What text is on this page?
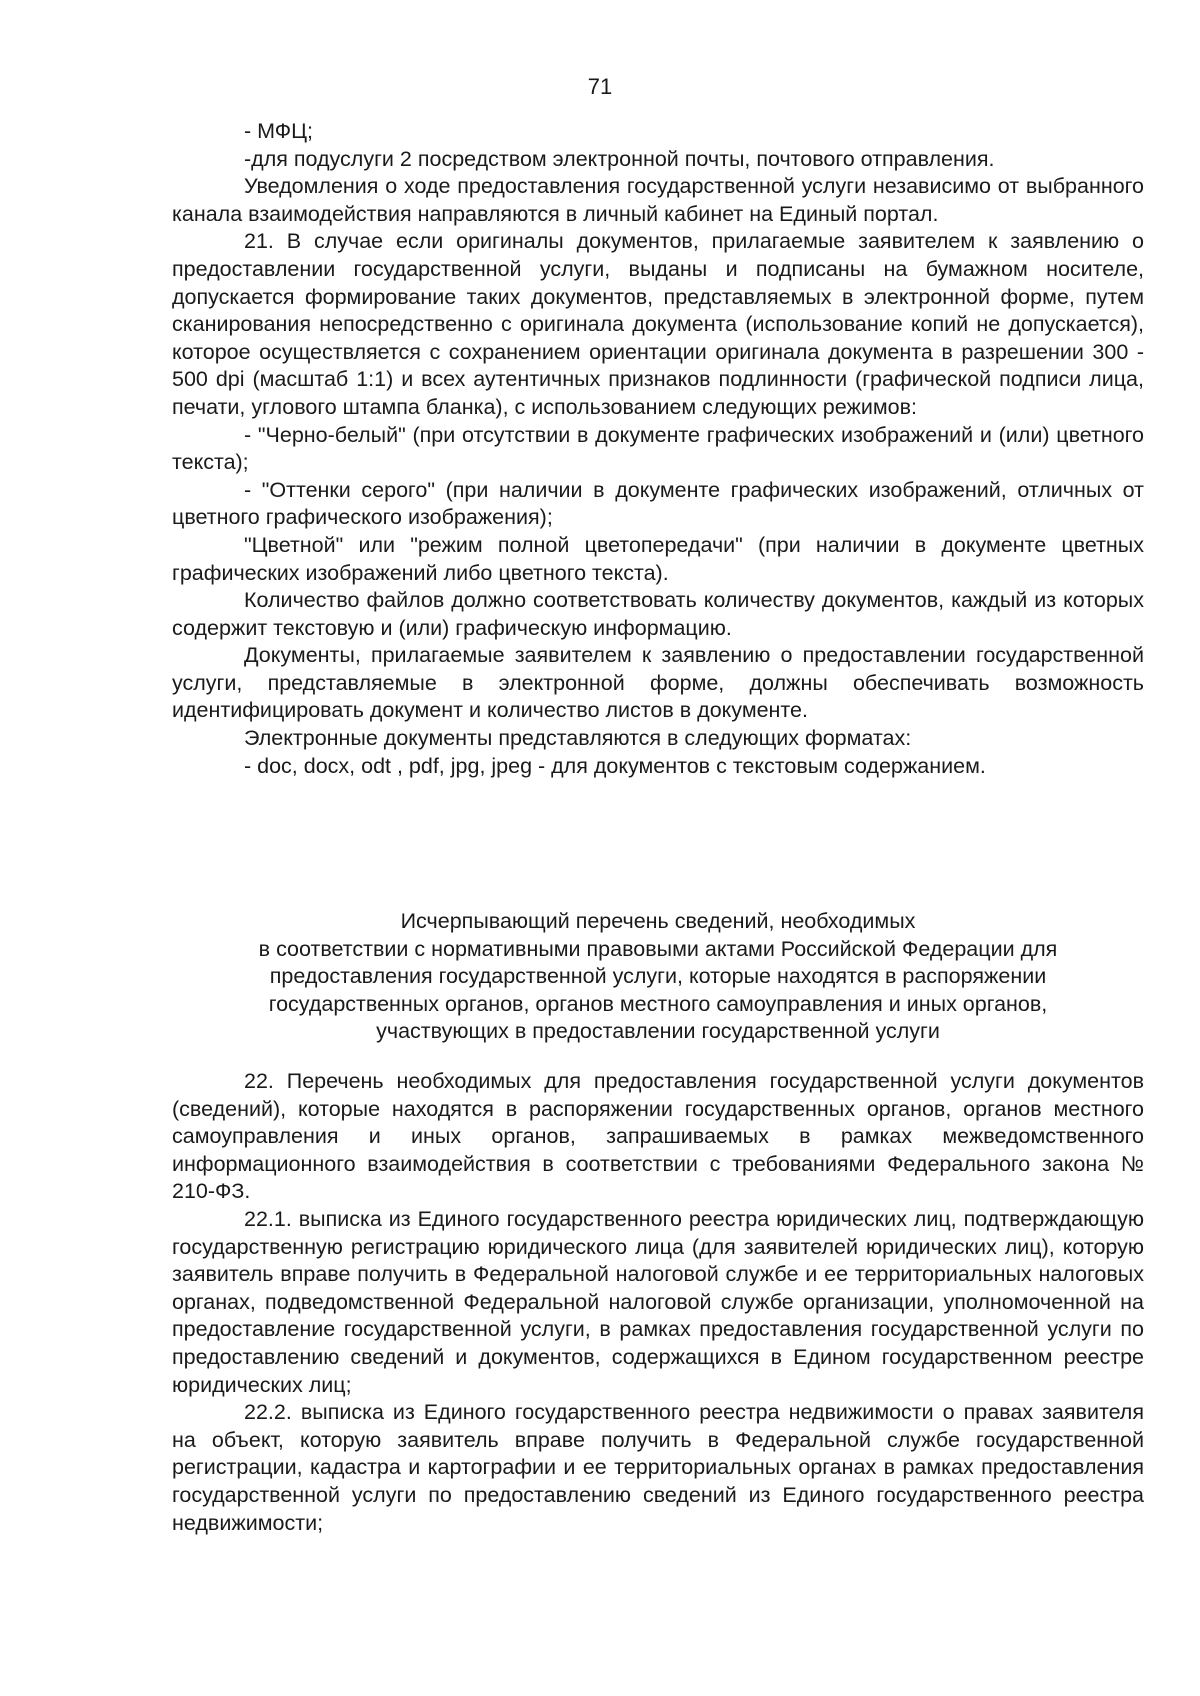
71

- МФЦ;

-для подуслуги 2 посредством электронной почты, почтового отправления.

Уведомления о ходе предоставления государственной услуги независимо от выбранного канала взаимодействия направляются в личный кабинет на Единый портал.

21. В случае если оригиналы документов, прилагаемые заявителем к заявлению о предоставлении государственной услуги, выданы и подписаны на бумажном носителе, допускается формирование таких документов, представляемых в электронной форме, путем сканирования непосредственно с оригинала документа (использование копий не допускается), которое осуществляется с сохранением ориентации оригинала документа в разрешении 300 - 500 dpi (масштаб 1:1) и всех аутентичных признаков подлинности (графической подписи лица, печати, углового штампа бланка), с использованием следующих режимов:

- "Черно-белый" (при отсутствии в документе графических изображений и (или) цветного текста);

- "Оттенки серого" (при наличии в документе графических изображений, отличных от цветного графического изображения);

"Цветной" или "режим полной цветопередачи" (при наличии в документе цветных графических изображений либо цветного текста).

Количество файлов должно соответствовать количеству документов, каждый из которых содержит текстовую и (или) графическую информацию.

Документы, прилагаемые заявителем к заявлению о предоставлении государственной услуги, представляемые в электронной форме, должны обеспечивать возможность идентифицировать документ и количество листов в документе.

Электронные документы представляются в следующих форматах:

- doc, docx, odt , pdf, jpg, jpeg - для документов с текстовым содержанием.

Исчерпывающий перечень сведений, необходимых
в соответствии с нормативными правовыми актами Российской Федерации для
предоставления государственной услуги, которые находятся в распоряжении
государственных органов, органов местного самоуправления и иных органов,
участвующих в предоставлении государственной услуги

22. Перечень необходимых для предоставления государственной услуги документов (сведений), которые находятся в распоряжении государственных органов, органов местного самоуправления и иных органов, запрашиваемых в рамках межведомственного информационного взаимодействия в соответствии с требованиями Федерального закона № 210-ФЗ.

22.1. выписка из Единого государственного реестра юридических лиц, подтверждающую государственную регистрацию юридического лица (для заявителей юридических лиц), которую заявитель вправе получить в Федеральной налоговой службе и ее территориальных налоговых органах, подведомственной Федеральной налоговой службе организации, уполномоченной на предоставление государственной услуги, в рамках предоставления государственной услуги по предоставлению сведений и документов, содержащихся в Едином государственном реестре юридических лиц;

22.2. выписка из Единого государственного реестра недвижимости о правах заявителя на объект, которую заявитель вправе получить в Федеральной службе государственной регистрации, кадастра и картографии и ее территориальных органах в рамках предоставления государственной услуги по предоставлению сведений из Единого государственного реестра недвижимости;
